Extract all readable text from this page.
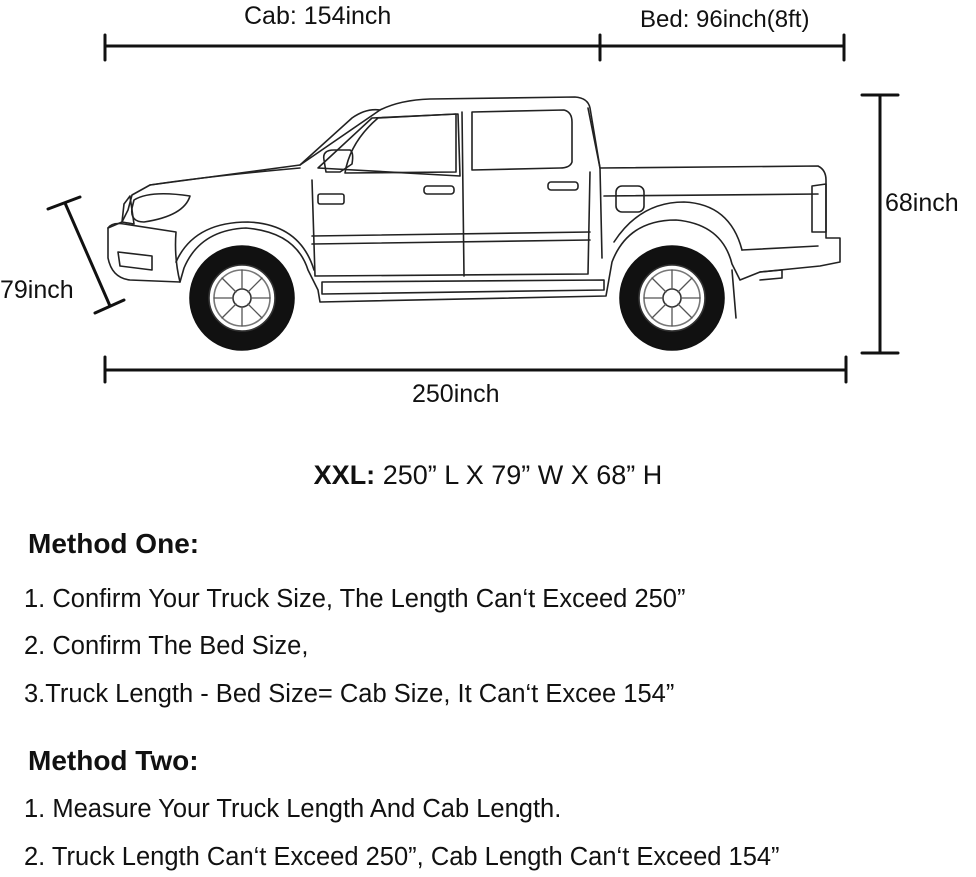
Cab: 154inch	Bed: 96inch(8ft)
68inch
79inch
250inch
XXL: 250” L X 79” W X 68” H
Method One:
1. Confirm Your Truck Size, The Length Can‘t Exceed 250”
2. Confirm The Bed Size,
3.Truck Length - Bed Size= Cab Size, It Can‘t Excee 154”
Method Two:
1. Measure Your Truck Length And Cab Length.
2. Truck Length Can‘t Exceed 250”, Cab Length Can‘t Exceed 154”
